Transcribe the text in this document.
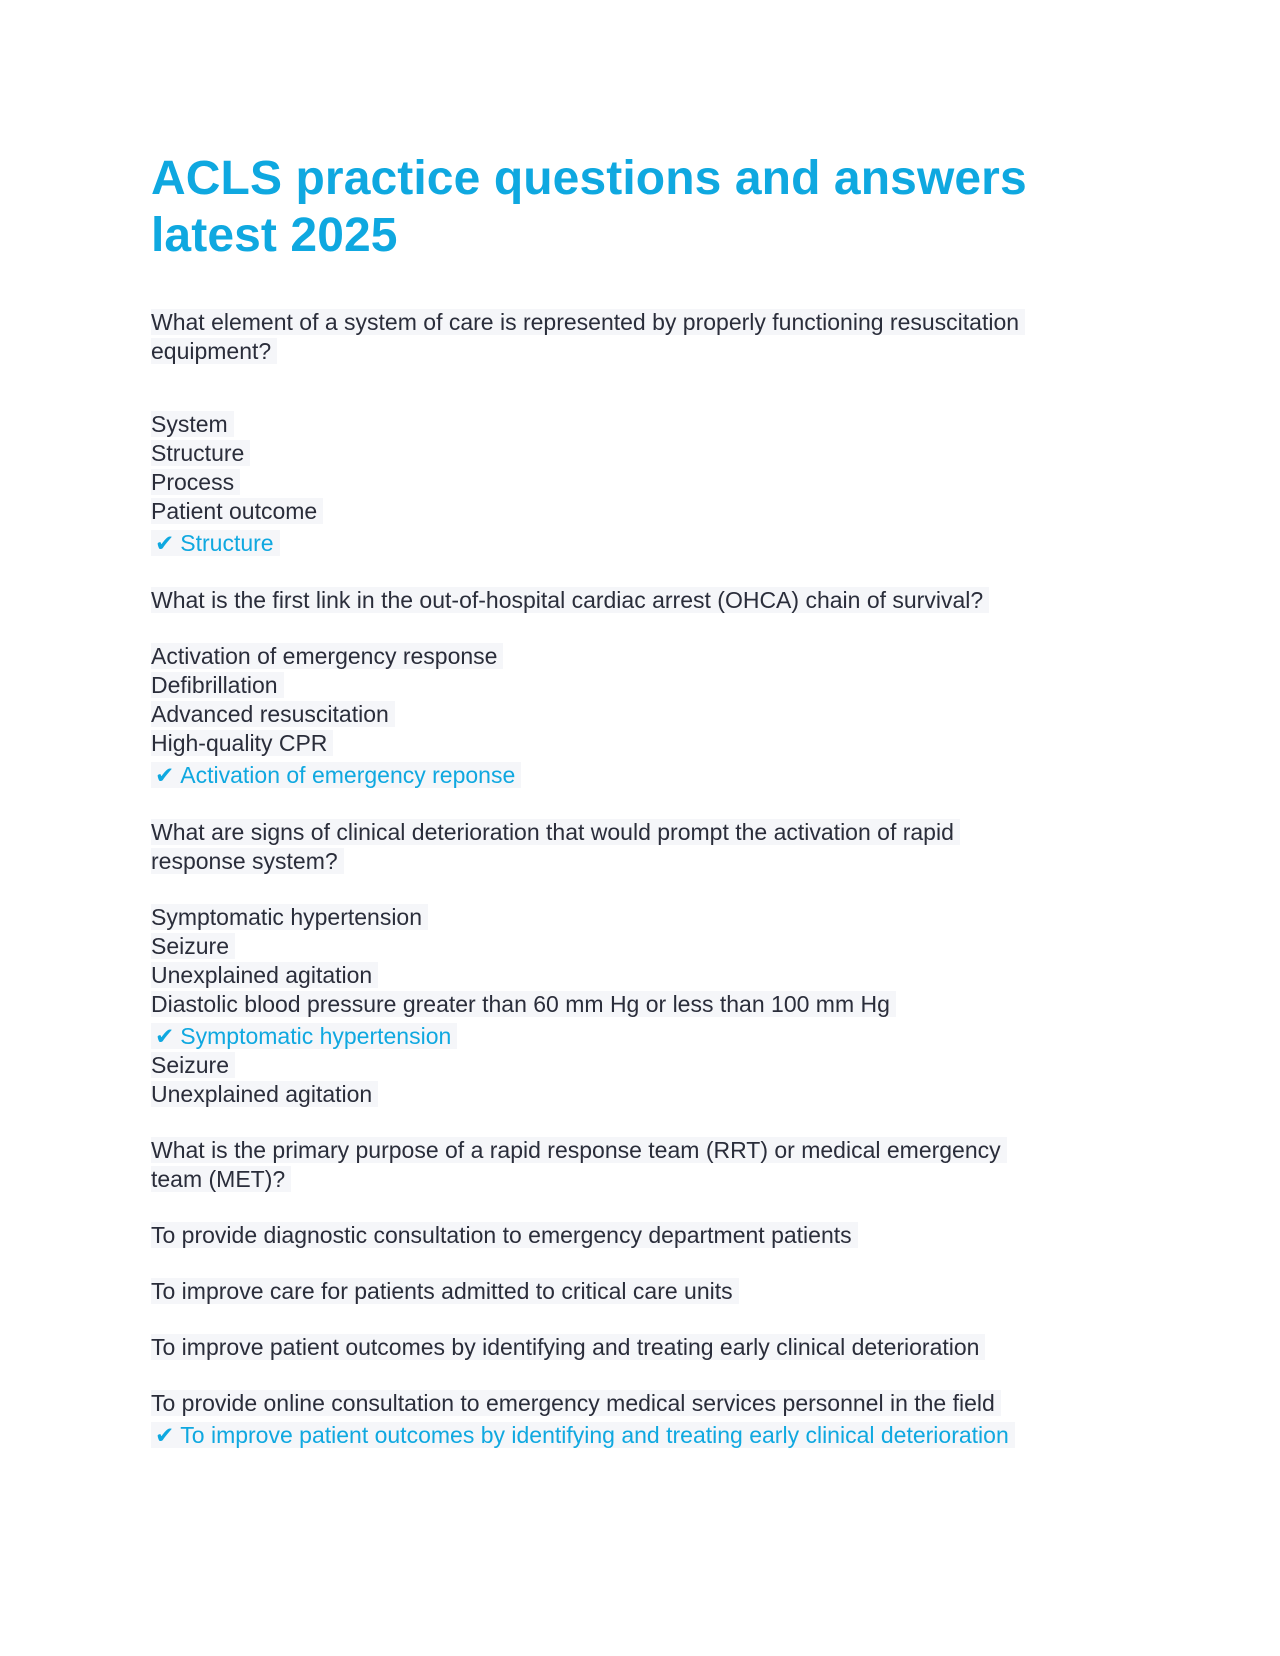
ACLS practice questions and answers
latest 2025
What element of a system of care is represented by properly functioning resuscitation
equipment?
System
Structure
Process
Patient outcome
✔ Structure
What is the first link in the out-of-hospital cardiac arrest (OHCA) chain of survival?
Activation of emergency response
Defibrillation
Advanced resuscitation
High-quality CPR
✔ Activation of emergency reponse
What are signs of clinical deterioration that would prompt the activation of rapid
response system?
Symptomatic hypertension
Seizure
Unexplained agitation
Diastolic blood pressure greater than 60 mm Hg or less than 100 mm Hg
✔ Symptomatic hypertension
Seizure
Unexplained agitation
What is the primary purpose of a rapid response team (RRT) or medical emergency
team (MET)?
To provide diagnostic consultation to emergency department patients
To improve care for patients admitted to critical care units
To improve patient outcomes by identifying and treating early clinical deterioration
To provide online consultation to emergency medical services personnel in the field
✔ To improve patient outcomes by identifying and treating early clinical deterioration
